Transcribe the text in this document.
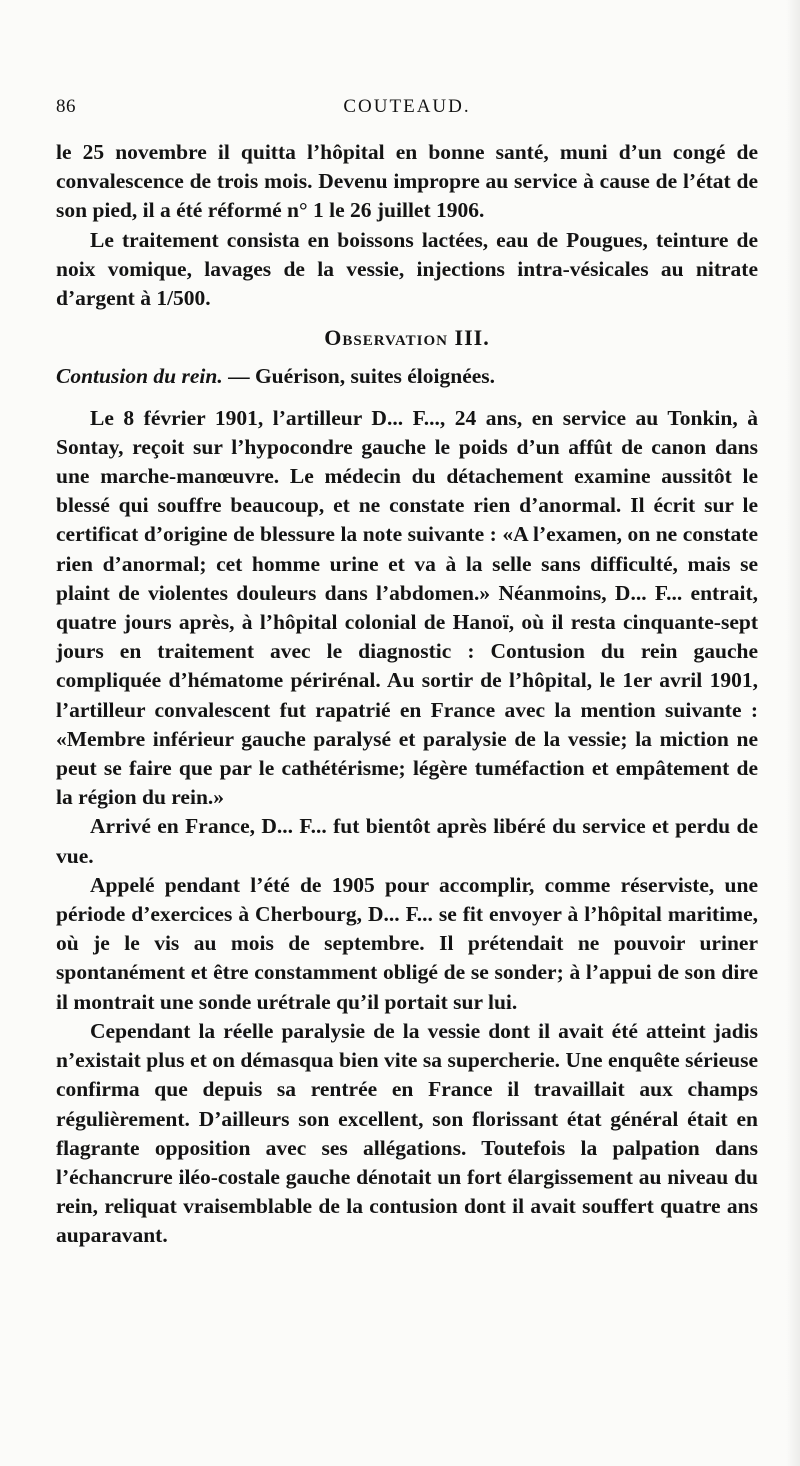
86	COUTEAUD.

le 25 novembre il quitta l’hôpital en bonne santé, muni d’un congé de convalescence de trois mois. Devenu impropre au service à cause de l’état de son pied, il a été réformé n° 1 le 26 juillet 1906.

Le traitement consista en boissons lactées, eau de Pougues, teinture de noix vomique, lavages de la vessie, injections intra-vésicales au nitrate d’argent à 1/500.

Observation III.

Contusion du rein. — Guérison, suites éloignées.

Le 8 février 1901, l’artilleur D... F..., 24 ans, en service au Tonkin, à Sontay, reçoit sur l’hypocondre gauche le poids d’un affût de canon dans une marche-manœuvre. Le médecin du détachement examine aussitôt le blessé qui souffre beaucoup, et ne constate rien d’anormal. Il écrit sur le certificat d’origine de blessure la note suivante : «A l’examen, on ne constate rien d’anormal; cet homme urine et va à la selle sans difficulté, mais se plaint de violentes douleurs dans l’abdomen.» Néanmoins, D... F... entrait, quatre jours après, à l’hôpital colonial de Hanoï, où il resta cinquante-sept jours en traitement avec le diagnostic : Contusion du rein gauche compliquée d’hématome périrénal. Au sortir de l’hôpital, le 1er avril 1901, l’artilleur convalescent fut rapatrié en France avec la mention suivante : «Membre inférieur gauche paralysé et paralysie de la vessie; la miction ne peut se faire que par le cathétérisme; légère tuméfaction et empâtement de la région du rein.»

Arrivé en France, D... F... fut bientôt après libéré du service et perdu de vue.

Appelé pendant l’été de 1905 pour accomplir, comme réserviste, une période d’exercices à Cherbourg, D... F... se fit envoyer à l’hôpital maritime, où je le vis au mois de septembre. Il prétendait ne pouvoir uriner spontanément et être constamment obligé de se sonder; à l’appui de son dire il montrait une sonde urétrale qu’il portait sur lui.

Cependant la réelle paralysie de la vessie dont il avait été atteint jadis n’existait plus et on démasqua bien vite sa supercherie. Une enquête sérieuse confirma que depuis sa rentrée en France il travaillait aux champs régulièrement. D’ailleurs son excellent, son florissant état général était en flagrante opposition avec ses allégations. Toutefois la palpation dans l’échancrure iléo-costale gauche dénotait un fort élargissement au niveau du rein, reliquat vraisemblable de la contusion dont il avait souffert quatre ans auparavant.
